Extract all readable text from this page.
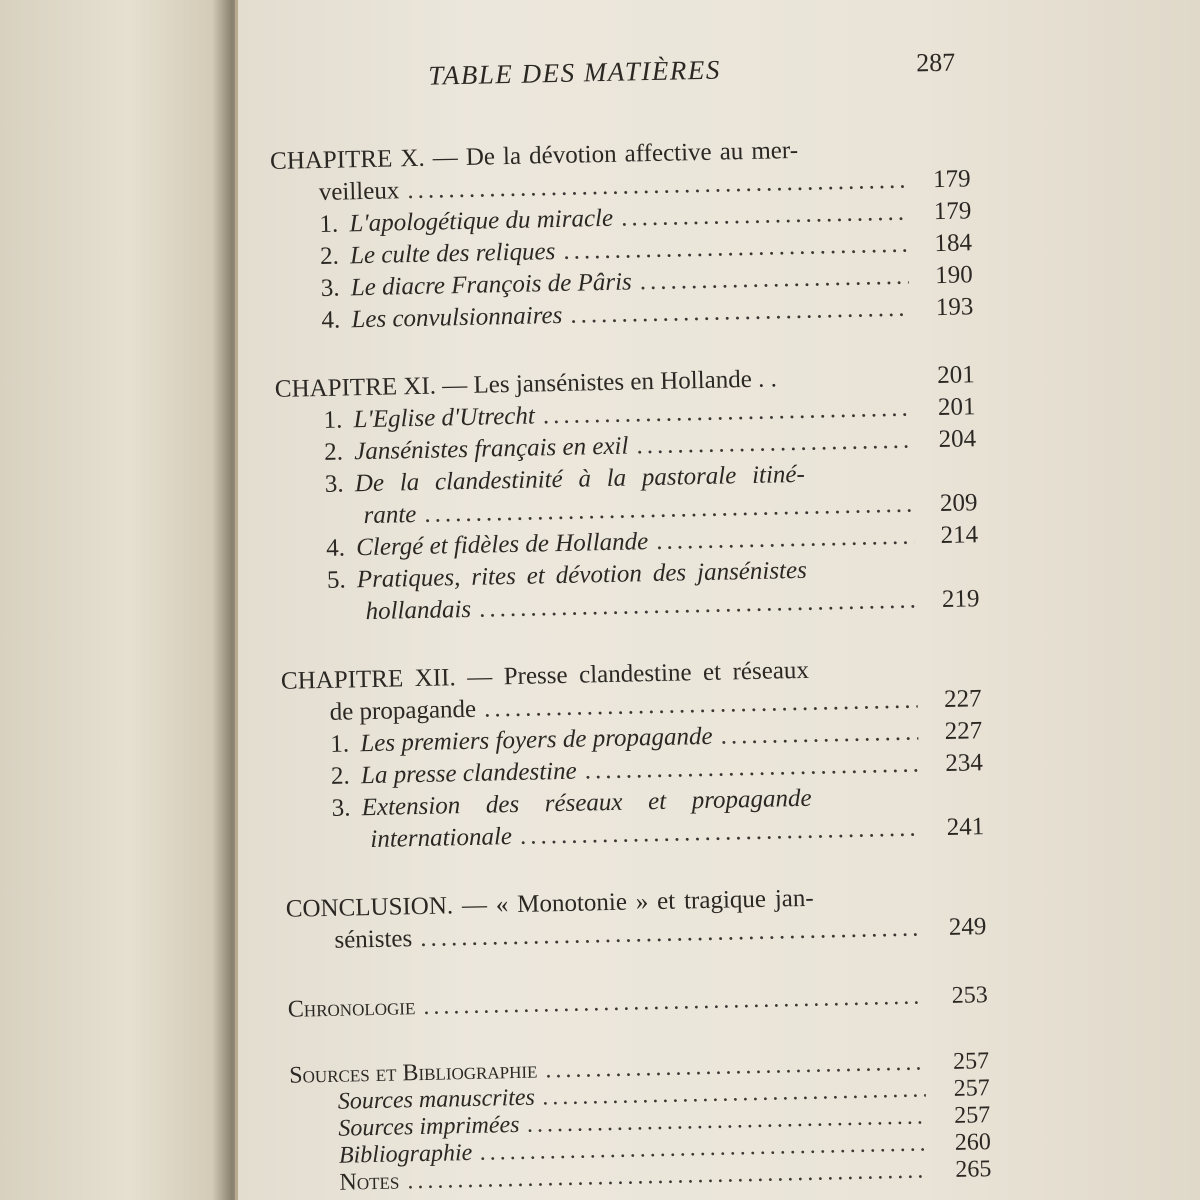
TABLE DES MATIÈRES	287
CHAPITRE X. — De la dévotion affective au mer-
veilleux .....	179
1. L'apologétique du miracle .....	179
2. Le culte des reliques .....	184
3. Le diacre François de Pâris .....	190
4. Les convulsionnaires .....	193
CHAPITRE XI. — Les jansénistes en Hollande . .	201
1. L'Eglise d'Utrecht .....	201
2. Jansénistes français en exil .....	204
3. De la clandestinité à la pastorale itiné-
rante .....	209
4. Clergé et fidèles de Hollande .....	214
5. Pratiques, rites et dévotion des jansénistes
hollandais .....	219
CHAPITRE XII. — Presse clandestine et réseaux
de propagande .....	227
1. Les premiers foyers de propagande .....	227
2. La presse clandestine .....	234
3. Extension des réseaux et propagande
internationale .....	241
CONCLUSION. — « Monotonie » et tragique jan-
sénistes .....	249
Chronologie .....	253
Sources et Bibliographie .....	257
Sources manuscrites .....	257
Sources imprimées .....	257
Bibliographie .....	260
Notes .....	265
